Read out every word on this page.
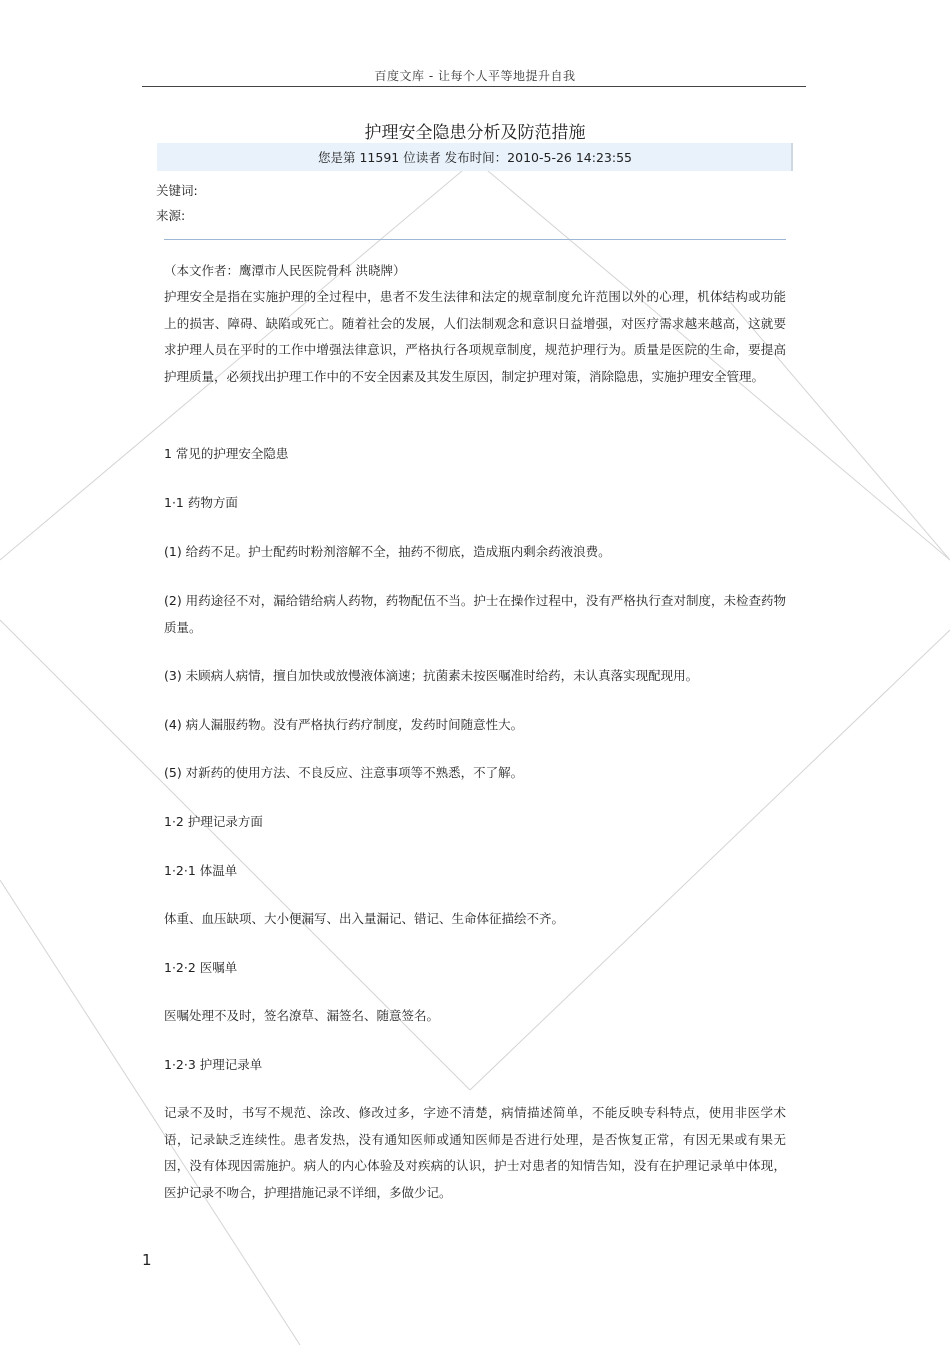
百度文库 - 让每个人平等地提升自我
护理安全隐患分析及防范措施
您是第 11591 位读者 发布时间：2010-5-26 14:23:55
关键词:
来源:
（本文作者：鹰潭市人民医院骨科 洪晓牌）
护理安全是指在实施护理的全过程中，患者不发生法律和法定的规章制度允许范围以外的心理，机体结构或功能上的损害、障碍、缺陷或死亡。随着社会的发展，人们法制观念和意识日益增强，对医疗需求越来越高，这就要求护理人员在平时的工作中增强法律意识，严格执行各项规章制度，规范护理行为。质量是医院的生命，要提高护理质量，必须找出护理工作中的不安全因素及其发生原因，制定护理对策，消除隐患，实施护理安全管理。
1 常见的护理安全隐患
1·1 药物方面
(1) 给药不足。护士配药时粉剂溶解不全，抽药不彻底，造成瓶内剩余药液浪费。
(2) 用药途径不对，漏给错给病人药物，药物配伍不当。护士在操作过程中，没有严格执行查对制度，未检查药物质量。
(3) 未顾病人病情，擅自加快或放慢液体滴速；抗菌素未按医嘱准时给药，未认真落实现配现用。
(4) 病人漏服药物。没有严格执行药疗制度，发药时间随意性大。
(5) 对新药的使用方法、不良反应、注意事项等不熟悉，不了解。
1·2 护理记录方面
1·2·1 体温单
体重、血压缺项、大小便漏写、出入量漏记、错记、生命体征描绘不齐。
1·2·2 医嘱单
医嘱处理不及时，签名潦草、漏签名、随意签名。
1·2·3 护理记录单
记录不及时，书写不规范、涂改、修改过多，字迹不清楚，病情描述简单，不能反映专科特点，使用非医学术语，记录缺乏连续性。患者发热，没有通知医师或通知医师是否进行处理，是否恢复正常，有因无果或有果无因，没有体现因需施护。病人的内心体验及对疾病的认识，护士对患者的知情告知，没有在护理记录单中体现，医护记录不吻合，护理措施记录不详细，多做少记。
1
